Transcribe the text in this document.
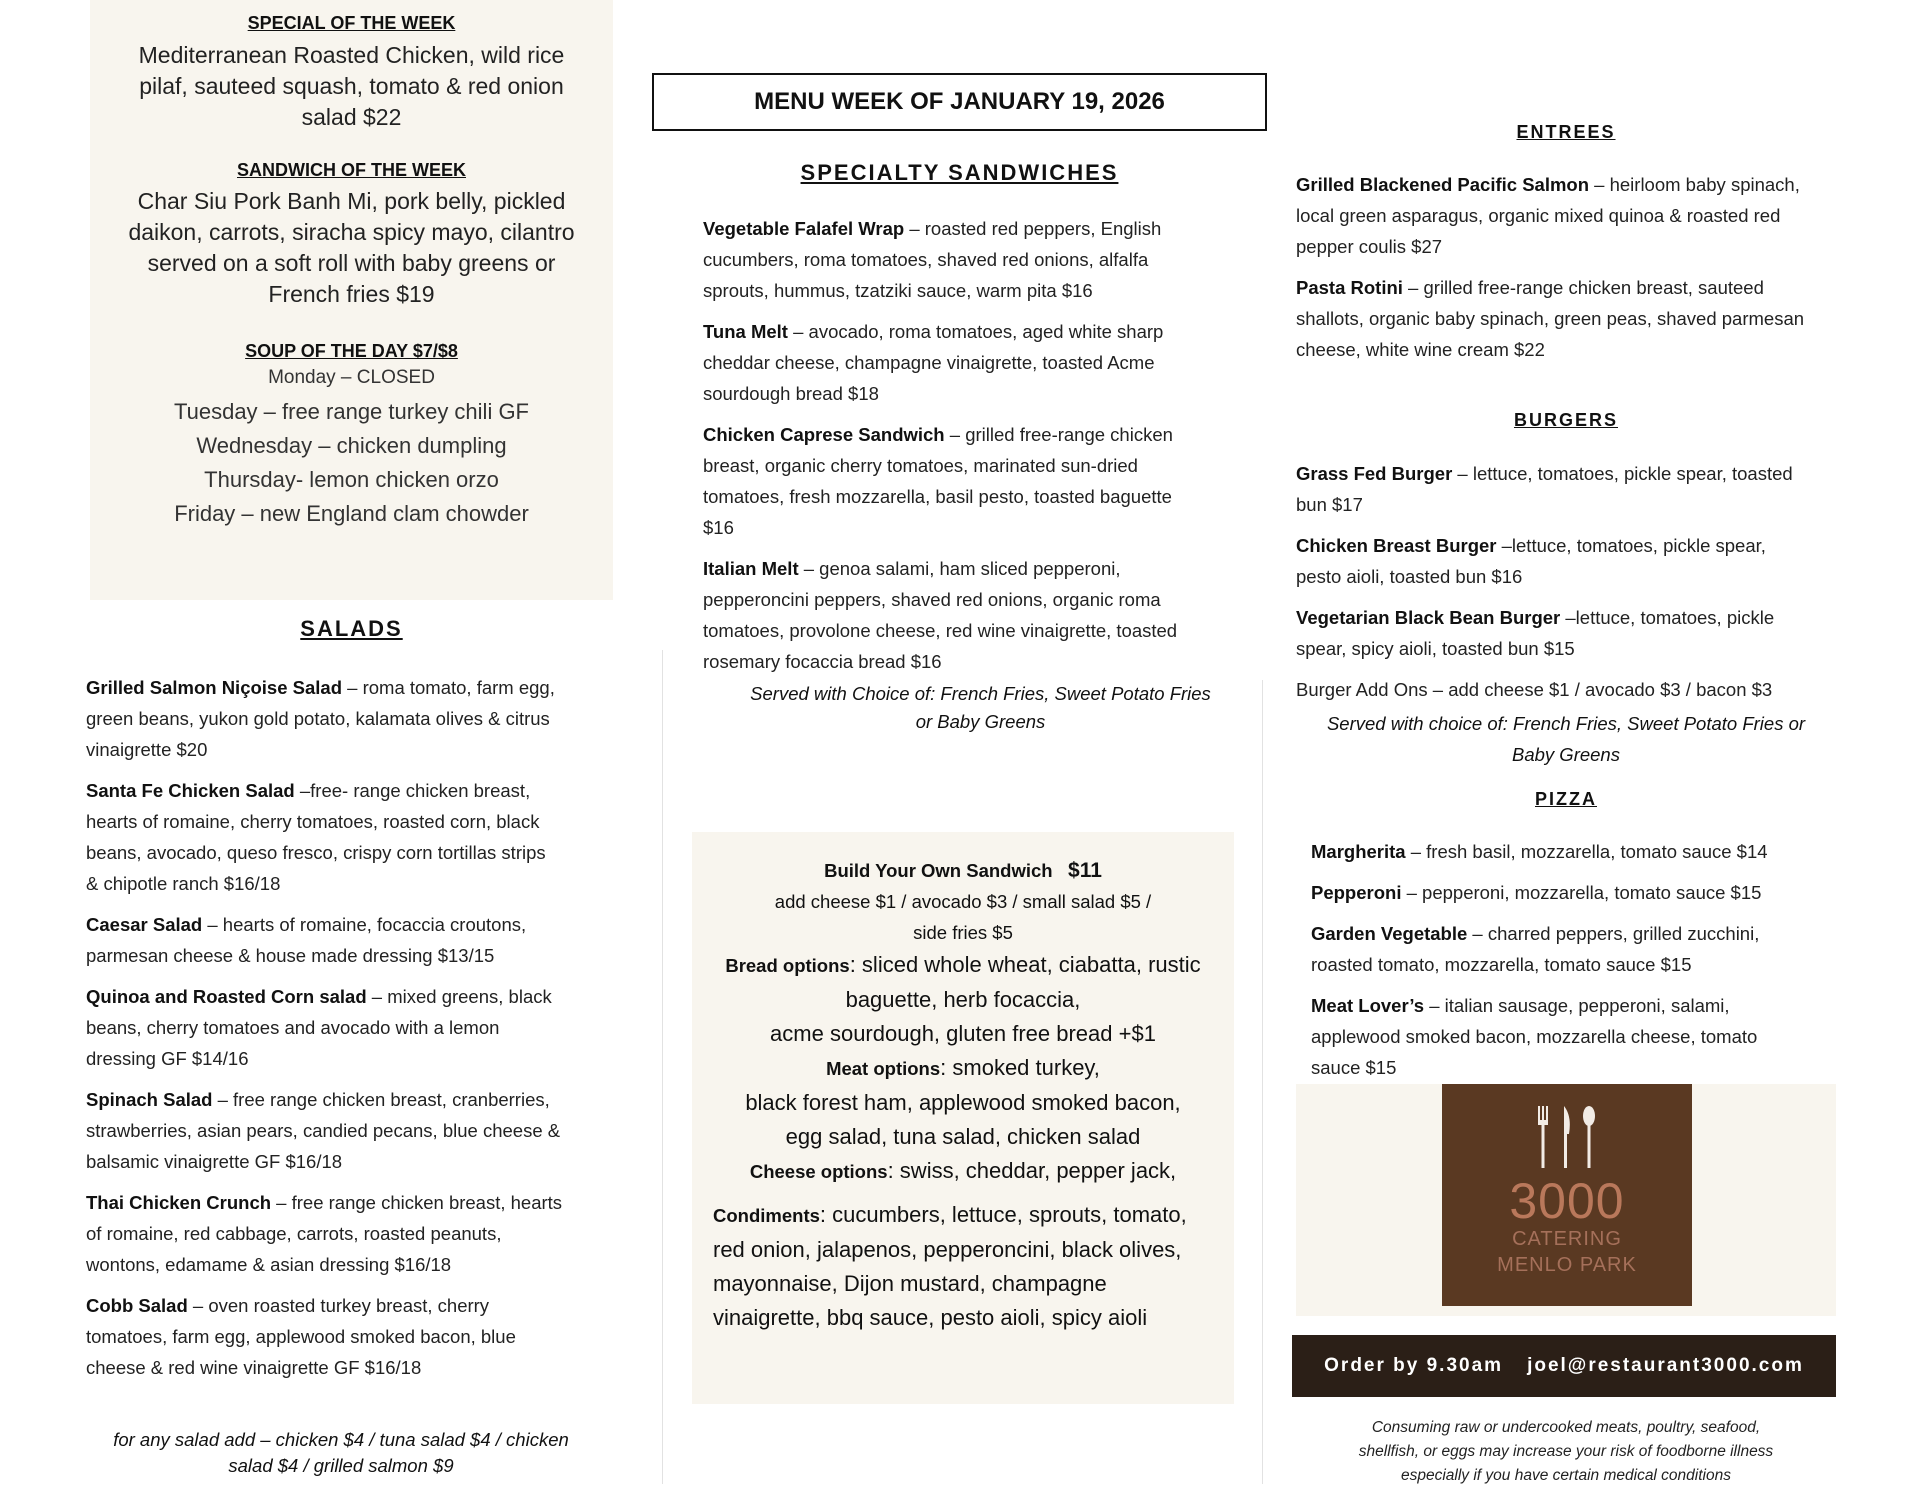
SPECIAL OF THE WEEK
Mediterranean Roasted Chicken, wild rice
pilaf, sauteed squash, tomato & red onion
salad $22
SANDWICH OF THE WEEK
Char Siu Pork Banh Mi, pork belly, pickled
daikon, carrots, siracha spicy mayo, cilantro
served on a soft roll with baby greens or
French fries $19
SOUP OF THE DAY $7/$8
Monday – CLOSED
Tuesday – free range turkey chili GF
Wednesday – chicken dumpling
Thursday- lemon chicken orzo
Friday – new England clam chowder
SALADS
Grilled Salmon Niçoise Salad – roma tomato, farm egg,
green beans, yukon gold potato, kalamata olives & citrus
vinaigrette $20
Santa Fe Chicken Salad –free- range chicken breast,
hearts of romaine, cherry tomatoes, roasted corn, black
beans, avocado, queso fresco, crispy corn tortillas strips
& chipotle ranch $16/18
Caesar Salad – hearts of romaine, focaccia croutons,
parmesan cheese & house made dressing $13/15
Quinoa and Roasted Corn salad – mixed greens, black
beans, cherry tomatoes and avocado with a lemon
dressing GF $14/16
Spinach Salad – free range chicken breast, cranberries,
strawberries, asian pears, candied pecans, blue cheese &
balsamic vinaigrette GF $16/18
Thai Chicken Crunch – free range chicken breast, hearts
of romaine, red cabbage, carrots, roasted peanuts,
wontons, edamame & asian dressing $16/18
Cobb Salad – oven roasted turkey breast, cherry
tomatoes, farm egg, applewood smoked bacon, blue
cheese & red wine vinaigrette GF $16/18
for any salad add – chicken $4 / tuna salad $4 / chicken
salad $4 / grilled salmon $9
MENU WEEK OF JANUARY 19, 2026
SPECIALTY SANDWICHES
Vegetable Falafel Wrap – roasted red peppers, English
cucumbers, roma tomatoes, shaved red onions, alfalfa
sprouts, hummus, tzatziki sauce, warm pita $16
Tuna Melt – avocado, roma tomatoes, aged white sharp
cheddar cheese, champagne vinaigrette, toasted Acme
sourdough bread $18
Chicken Caprese Sandwich – grilled free-range chicken
breast, organic cherry tomatoes, marinated sun-dried
tomatoes, fresh mozzarella, basil pesto, toasted baguette
$16
Italian Melt – genoa salami, ham sliced pepperoni,
pepperoncini peppers, shaved red onions, organic roma
tomatoes, provolone cheese, red wine vinaigrette, toasted
rosemary focaccia bread $16
Served with Choice of: French Fries, Sweet Potato Fries
or Baby Greens
Build Your Own Sandwich $11
add cheese $1 / avocado $3 / small salad $5 /
side fries $5
Bread options: sliced whole wheat, ciabatta, rustic
baguette, herb focaccia,
acme sourdough, gluten free bread +$1
Meat options: smoked turkey,
black forest ham, applewood smoked bacon,
egg salad, tuna salad, chicken salad
Cheese options: swiss, cheddar, pepper jack,
Condiments: cucumbers, lettuce, sprouts, tomato,
red onion, jalapenos, pepperoncini, black olives,
mayonnaise, Dijon mustard, champagne
vinaigrette, bbq sauce, pesto aioli, spicy aioli
ENTREES
Grilled Blackened Pacific Salmon – heirloom baby spinach,
local green asparagus, organic mixed quinoa & roasted red
pepper coulis $27
Pasta Rotini – grilled free-range chicken breast, sauteed
shallots, organic baby spinach, green peas, shaved parmesan
cheese, white wine cream $22
BURGERS
Grass Fed Burger – lettuce, tomatoes, pickle spear, toasted
bun $17
Chicken Breast Burger –lettuce, tomatoes, pickle spear,
pesto aioli, toasted bun $16
Vegetarian Black Bean Burger –lettuce, tomatoes, pickle
spear, spicy aioli, toasted bun $15
Burger Add Ons – add cheese $1 / avocado $3 / bacon $3
Served with choice of: French Fries, Sweet Potato Fries or
Baby Greens
PIZZA
Margherita – fresh basil, mozzarella, tomato sauce $14
Pepperoni – pepperoni, mozzarella, tomato sauce $15
Garden Vegetable – charred peppers, grilled zucchini,
roasted tomato, mozzarella, tomato sauce $15
Meat Lover’s – italian sausage, pepperoni, salami,
applewood smoked bacon, mozzarella cheese, tomato
sauce $15
3000
CATERING
MENLO PARK
Order by 9.30am joel@restaurant3000.com
Consuming raw or undercooked meats, poultry, seafood,
shellfish, or eggs may increase your risk of foodborne illness
especially if you have certain medical conditions
